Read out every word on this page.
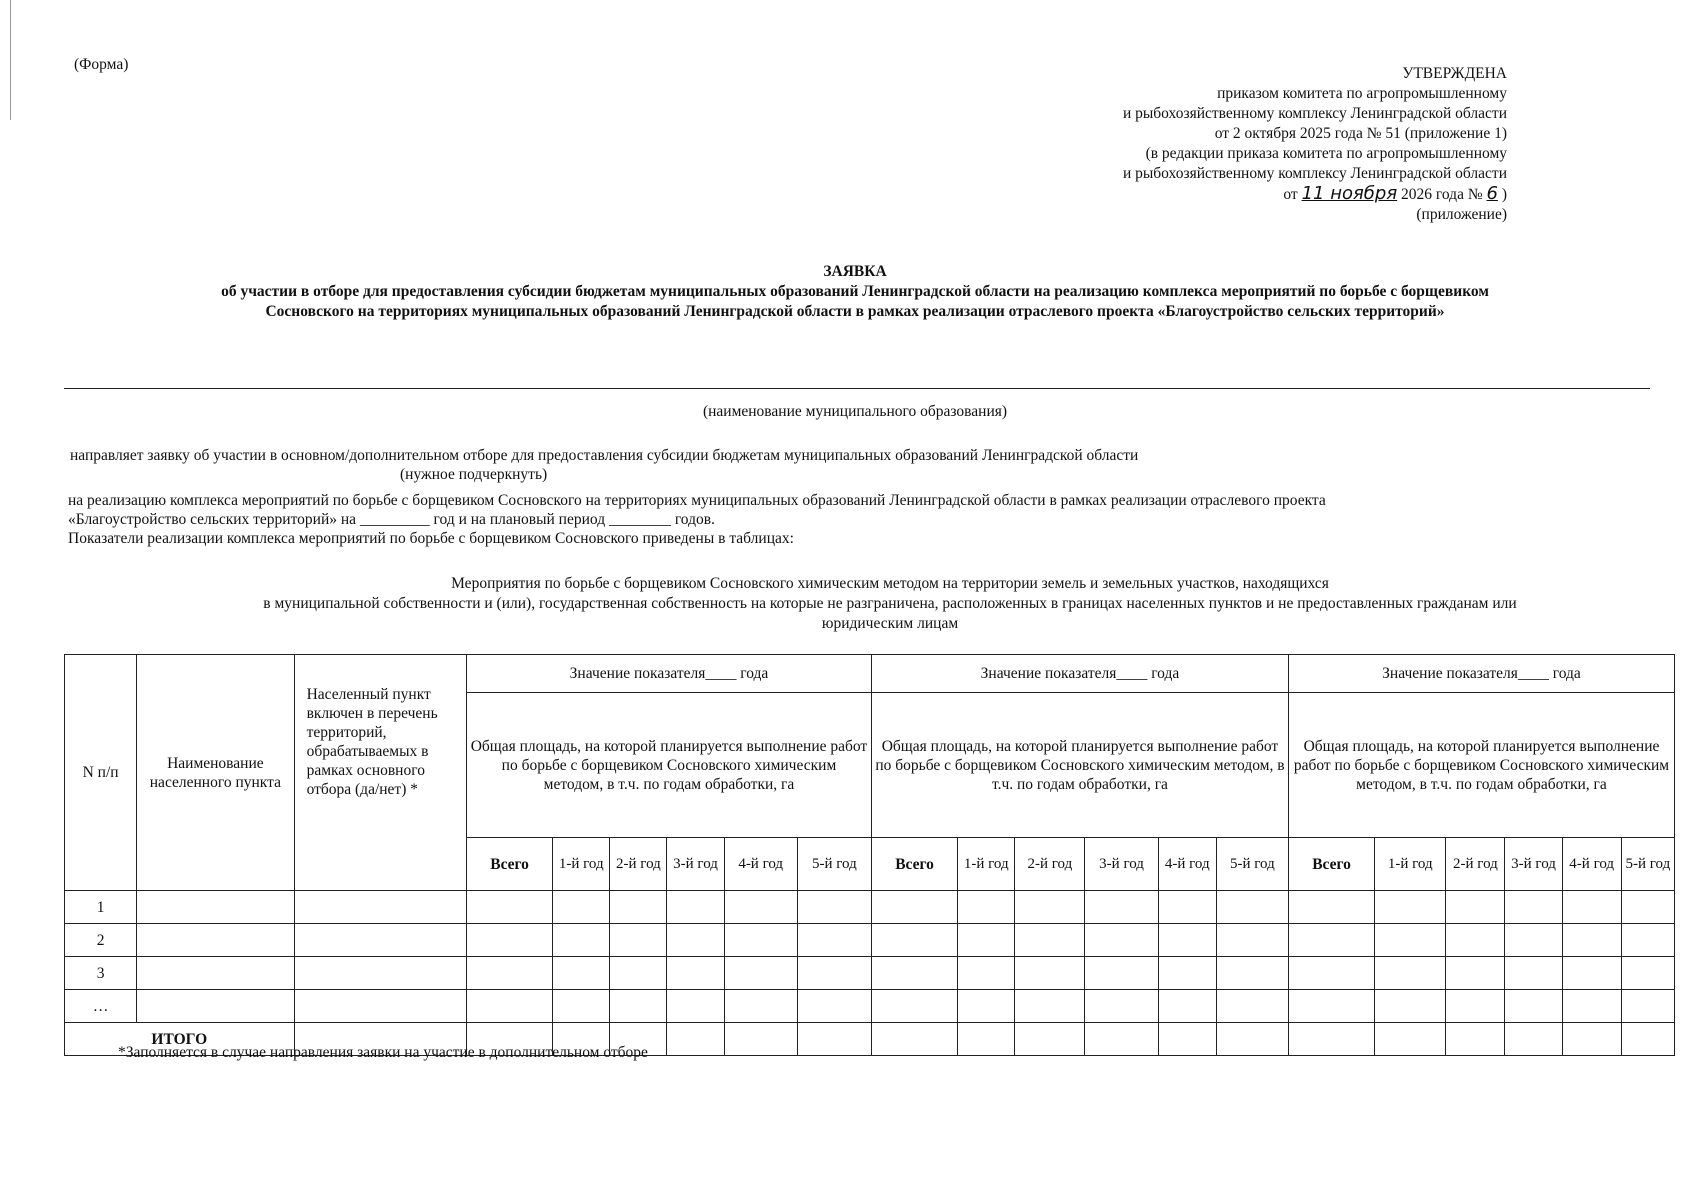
(Форма)
УТВЕРЖДЕНА
приказом комитета по агропромышленному
и рыбохозяйственному комплексу Ленинградской области
от 2 октября 2025 года № 51 (приложение 1)
(в редакции приказа комитета по агропромышленному
и рыбохозяйственному комплексу Ленинградской области
от 11 ноября 2026 года № 6 )
(приложение)
ЗАЯВКА
об участии в отборе для предоставления субсидии бюджетам муниципальных образований Ленинградской области на реализацию комплекса мероприятий по борьбе с борщевиком
Сосновского на территориях муниципальных образований Ленинградской области в рамках реализации отраслевого проекта «Благоустройство сельских территорий»
(наименование муниципального образования)
направляет заявку об участии в основном/дополнительном отборе для предоставления субсидии бюджетам муниципальных образований Ленинградской области
(нужное подчеркнуть)
на реализацию комплекса мероприятий по борьбе с борщевиком Сосновского на территориях муниципальных образований Ленинградской области в рамках реализации отраслевого проекта
«Благоустройство сельских территорий» на _________ год и на плановый период ________ годов.
Показатели реализации комплекса мероприятий по борьбе с борщевиком Сосновского приведены в таблицах:
Мероприятия по борьбе с борщевиком Сосновского химическим методом на территории земель и земельных участков, находящихся
в муниципальной собственности и (или), государственная собственность на которые не разграничена, расположенных в границах населенных пунктов и не предоставленных гражданам или
юридическим лицам
N п/п	Наименование населенного пункта	Населенный пункт включен в перечень территорий, обрабатываемых в рамках основного отбора (да/нет) *	Значение показателя____ года						Значение показателя____ года						Значение показателя____ года					
			Общая площадь, на которой планируется выполнение работ по борьбе с борщевиком Сосновского химическим методом, в т.ч. по годам обработки, га						Общая площадь, на которой планируется выполнение работ по борьбе с борщевиком Сосновского химическим методом, в т.ч. по годам обработки, га						Общая площадь, на которой планируется выполнение работ по борьбе с борщевиком Сосновского химическим методом, в т.ч. по годам обработки, га					
			Всего	1-й год	2-й год	3-й год	4-й год	5-й год	Всего	1-й год	2-й год	3-й год	4-й год	5-й год	Всего	1-й год	2-й год	3-й год	4-й год	5-й год
1																				
2																				
3																				
…																				
ИТОГО																				
*Заполняется в случае направления заявки на участие в дополнительном отборе
